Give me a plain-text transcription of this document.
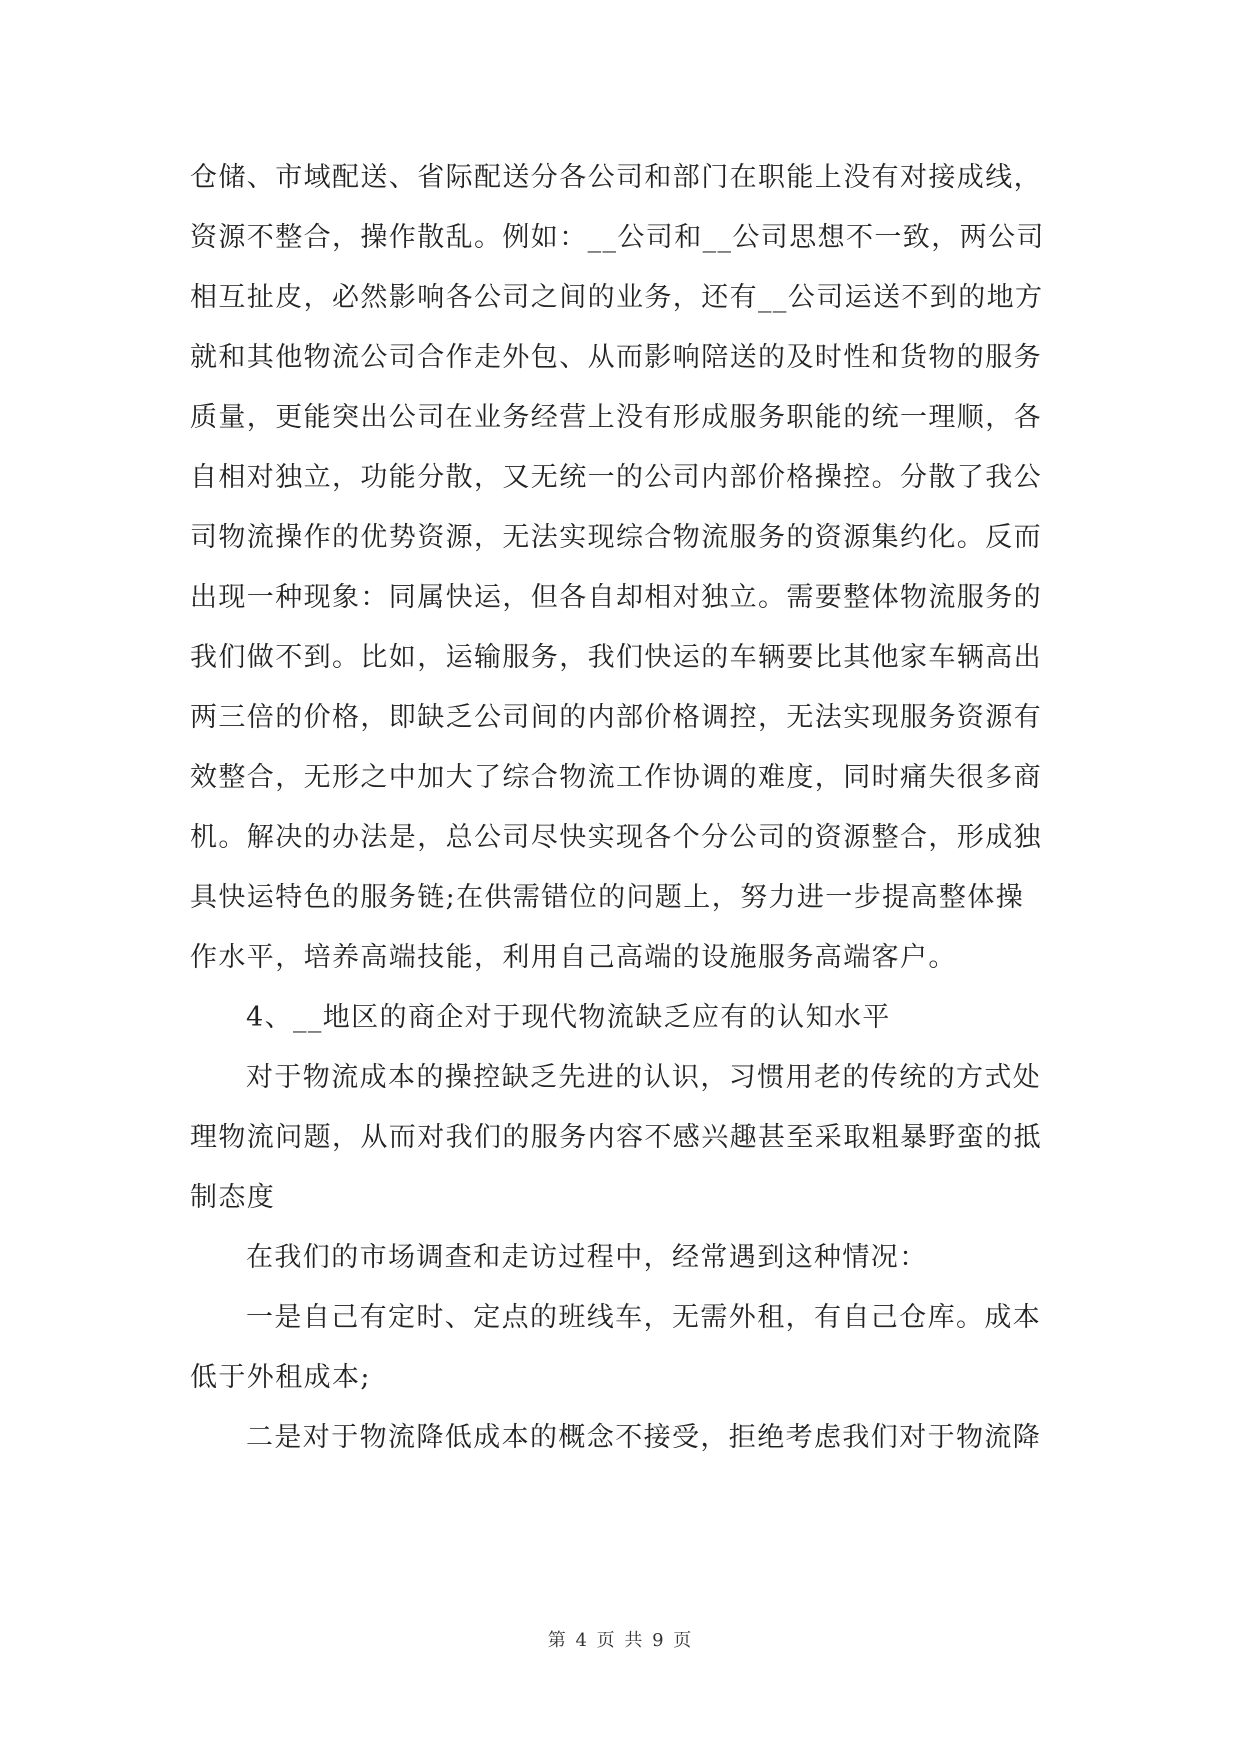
仓储、市域配送、省际配送分各公司和部门在职能上没有对接成线，
资源不整合，操作散乱。例如：__公司和__公司思想不一致，两公司
相互扯皮，必然影响各公司之间的业务，还有__公司运送不到的地方
就和其他物流公司合作走外包、从而影响陪送的及时性和货物的服务
质量，更能突出公司在业务经营上没有形成服务职能的统一理顺，各
自相对独立，功能分散，又无统一的公司内部价格操控。分散了我公
司物流操作的优势资源，无法实现综合物流服务的资源集约化。反而
出现一种现象：同属快运，但各自却相对独立。需要整体物流服务的
我们做不到。比如，运输服务，我们快运的车辆要比其他家车辆高出
两三倍的价格，即缺乏公司间的内部价格调控，无法实现服务资源有
效整合，无形之中加大了综合物流工作协调的难度，同时痛失很多商
机。解决的办法是，总公司尽快实现各个分公司的资源整合，形成独
具快运特色的服务链;在供需错位的问题上，努力进一步提高整体操
作水平，培养高端技能，利用自己高端的设施服务高端客户。
4、__地区的商企对于现代物流缺乏应有的认知水平
对于物流成本的操控缺乏先进的认识，习惯用老的传统的方式处
理物流问题，从而对我们的服务内容不感兴趣甚至采取粗暴野蛮的抵
制态度
在我们的市场调查和走访过程中，经常遇到这种情况：
一是自己有定时、定点的班线车，无需外租，有自己仓库。成本
低于外租成本;
二是对于物流降低成本的概念不接受，拒绝考虑我们对于物流降
第 4 页 共 9 页
